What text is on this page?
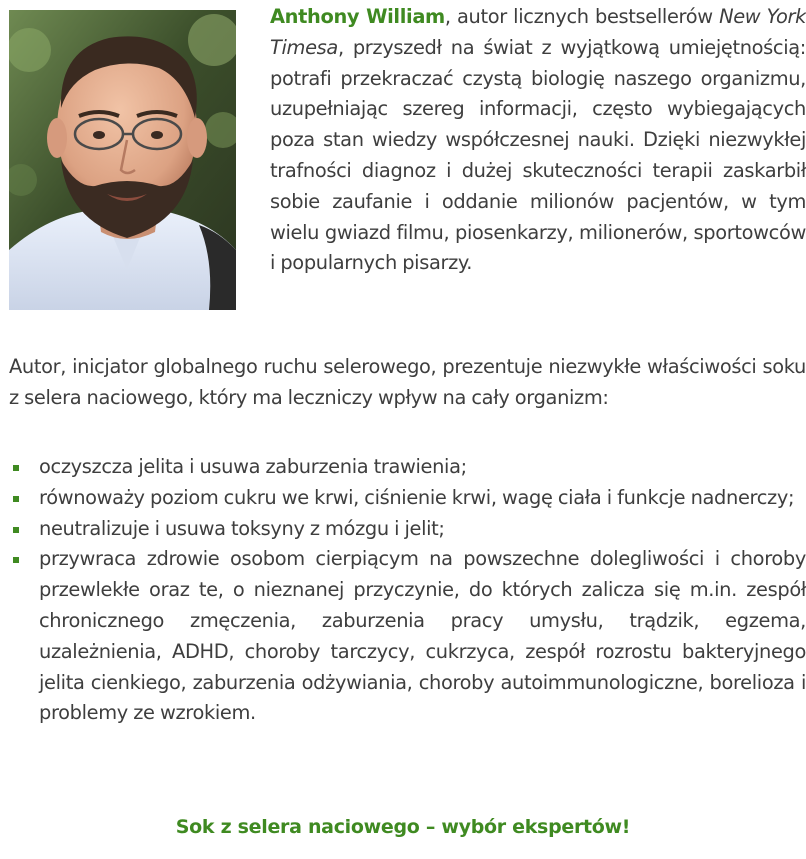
Anthony William, autor licznych bestsellerów New York Timesa, przyszedł na świat z wyjątkową umiejętnością: potrafi przekraczać czystą biologię naszego organizmu, uzupełniając szereg informacji, często wybiegających poza stan wiedzy współczesnej nauki. Dzięki niezwykłej trafności diagnoz i dużej skuteczności terapii zaskarbił sobie zaufanie i oddanie milionów pacjentów, w tym wielu gwiazd filmu, piosenkarzy, milionerów, sportowców i popularnych pisarzy.

Autor, inicjator globalnego ruchu selerowego, prezentuje niezwykłe właściwości soku z selera naciowego, który ma leczniczy wpływ na cały organizm:

oczyszcza jelita i usuwa zaburzenia trawienia;
równoważy poziom cukru we krwi, ciśnienie krwi, wagę ciała i funkcje nadnerczy;
neutralizuje i usuwa toksyny z mózgu i jelit;
przywraca zdrowie osobom cierpiącym na powszechne dolegliwości i choroby przewlekłe oraz te, o nieznanej przyczynie, do których zalicza się m.in. zespół chronicznego zmęczenia, zaburzenia pracy umysłu, trądzik, egzema, uzależnienia, ADHD, choroby tarczycy, cukrzyca, zespół rozrostu bakteryjnego jelita cienkiego, zaburzenia odżywiania, choroby autoimmunologiczne, borelioza i problemy ze wzrokiem.
Sok z selera naciowego – wybór ekspertów!
